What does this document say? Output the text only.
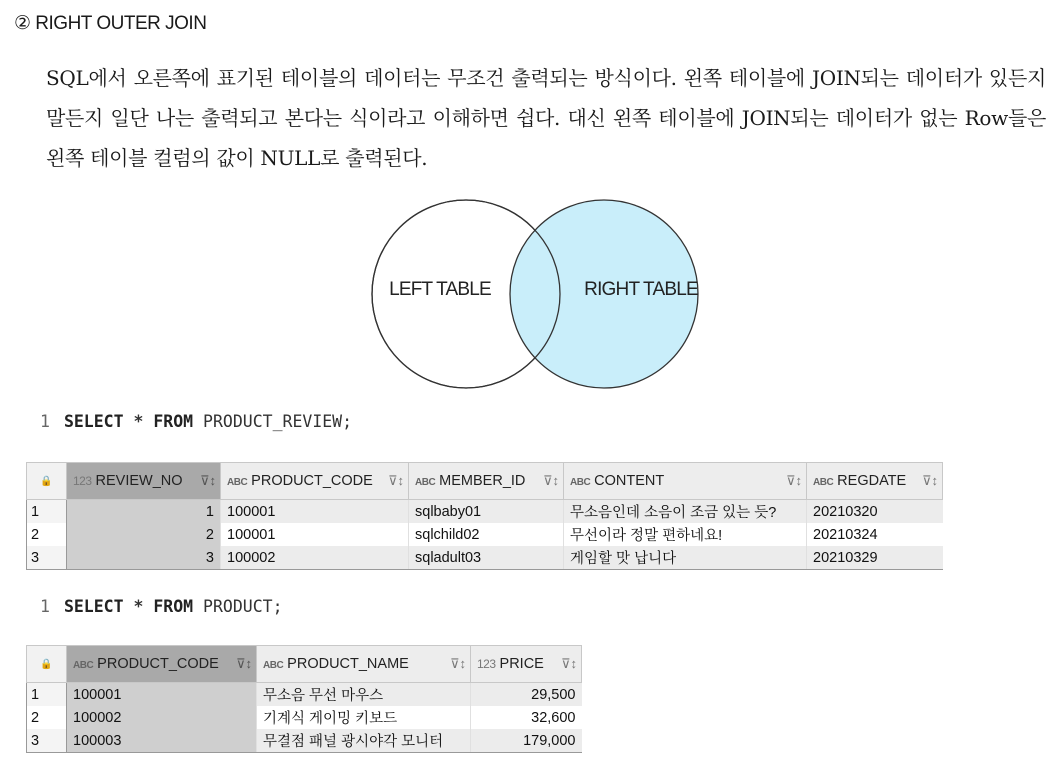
② RIGHT OUTER JOIN
SQL에서 오른쪽에 표기된 테이블의 데이터는 무조건 출력되는 방식이다. 왼쪽 테이블에 JOIN되는 데이터가 있든지 말든지 일단 나는 출력되고 본다는 식이라고 이해하면 쉽다. 대신 왼쪽 테이블에 JOIN되는 데이터가 없는 Row들은 왼쪽 테이블 컬럼의 값이 NULL로 출력된다.
LEFT TABLE	RIGHT TABLE
1 SELECT * FROM PRODUCT_REVIEW;
🔒	123 REVIEW_NO ⊽↕	ABC PRODUCT_CODE ⊽↕	ABC MEMBER_ID ⊽↕	ABC CONTENT ⊽↕	ABC REGDATE ⊽↕

1	1	100001	sqlbaby01	무소음인데 소음이 조금 있는 듯?	20210320
2	2	100001	sqlchild02	무선이라 정말 편하네요!	20210324
3	3	100002	sqladult03	게임할 맛 납니다	20210329
1 SELECT * FROM PRODUCT;
🔒	ABC PRODUCT_CODE ⊽↕	ABC PRODUCT_NAME ⊽↕	123 PRICE ⊽↕

1	100001	무소음 무선 마우스	29,500
2	100002	기계식 게이밍 키보드	32,600
3	100003	무결점 패널 광시야각 모니터	179,000
